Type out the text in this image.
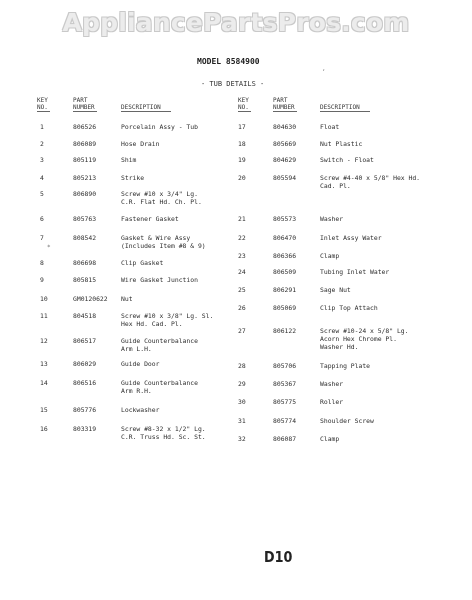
AppliancePartsPros.com
MODEL 8584900
- TUB DETAILS -
KEY
NO.
PART
NUMBER	DESCRIPTION
KEY
NO.
PART
NUMBER	DESCRIPTION
1	806526	Porcelain Assy - Tub
2	806089	Hose Drain
3	805119	Shim
4	805213	Strike
5	806890	Screw #10 x 3/4" Lg.
C.R. Flat Hd. Ch. Pl.
6	805763	Fastener Gasket
7	808542	Gasket & Wire Assy
(Includes Item #8 & 9)
8	806698	Clip Gasket
9	805815	Wire Gasket Junction
10	GM0120622 Nut
11	804518	Screw #10 x 3/8" Lg. Sl.
Hex Hd. Cad. Pl.
12	806517	Guide Counterbalance
Arm L.H.
13	806029	Guide Door
14	806516	Guide Counterbalance
Arm R.H.
15	805776	Lockwasher
16	803319	Screw #8-32 x 1/2" Lg.
C.R. Truss Hd. Sc. St.
17	804630	Float
18	805669	Nut Plastic
19	804629	Switch - Float
20	805594	Screw #4-40 x 5/8" Hex Hd.
Cad. Pl.
21	805573	Washer
22	806470	Inlet Assy Water
23	806366	Clamp
24	806509	Tubing Inlet Water
25	806291	Sage Nut
26	805069	Clip Top Attach
27	806122	Screw #10-24 x 5/8" Lg.
Acorn Hex Chrome Pl.
Washer Hd.
28	805706	Tapping Plate
29	805367	Washer
30	805775	Roller
31	805774	Shoulder Screw
32	806087	Clamp
*
,
D10
